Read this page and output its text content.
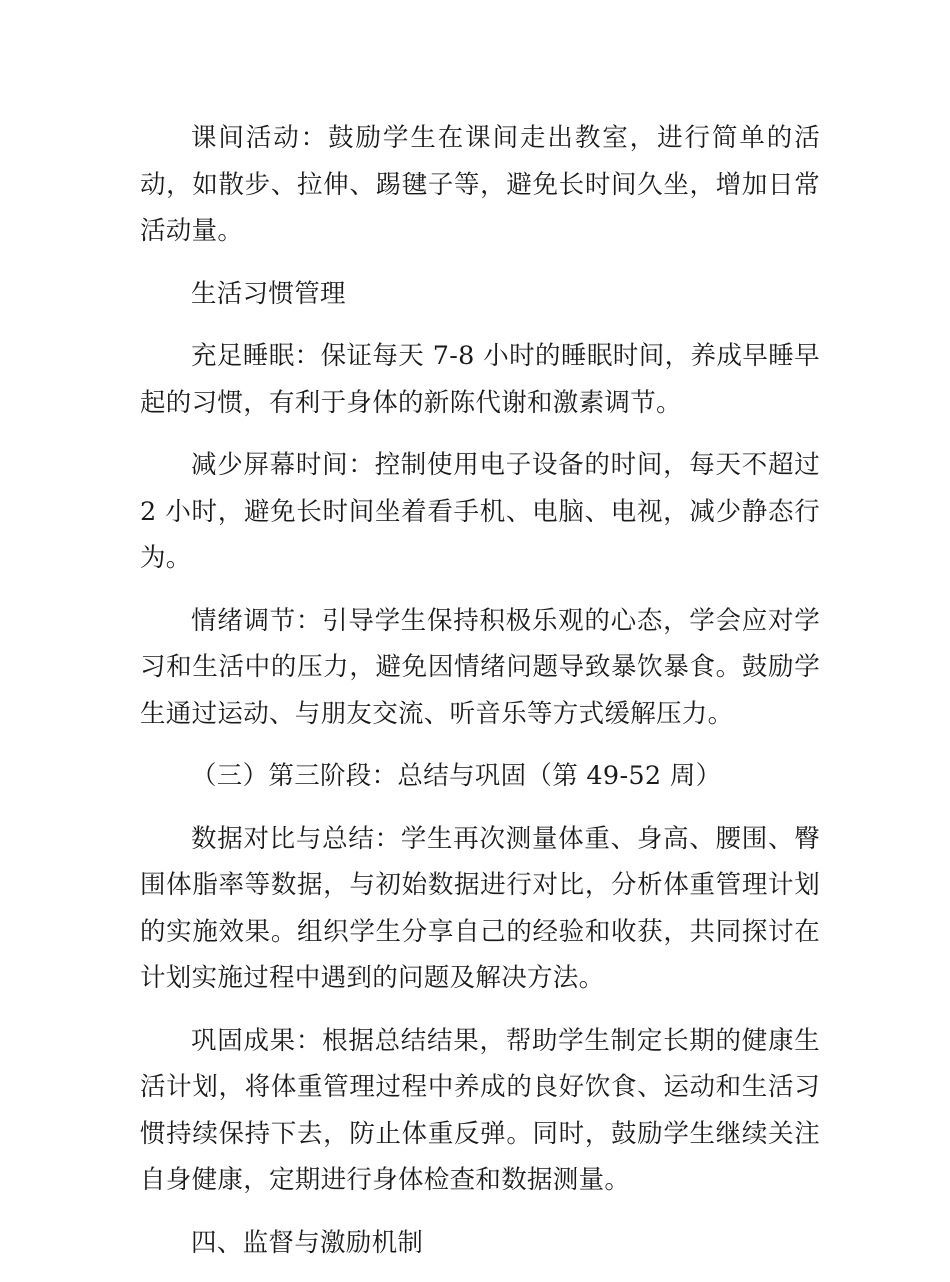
课间活动：鼓励学生在课间走出教室，进行简单的活动，如散步、拉伸、踢毽子等，避免长时间久坐，增加日常活动量。

生活习惯管理

充足睡眠：保证每天 7-8 小时的睡眠时间，养成早睡早起的习惯，有利于身体的新陈代谢和激素调节。

减少屏幕时间：控制使用电子设备的时间，每天不超过 2 小时，避免长时间坐着看手机、电脑、电视，减少静态行为。

情绪调节：引导学生保持积极乐观的心态，学会应对学习和生活中的压力，避免因情绪问题导致暴饮暴食。鼓励学生通过运动、与朋友交流、听音乐等方式缓解压力。

（三）第三阶段：总结与巩固（第 49-52 周）

数据对比与总结：学生再次测量体重、身高、腰围、臀围体脂率等数据，与初始数据进行对比，分析体重管理计划的实施效果。组织学生分享自己的经验和收获，共同探讨在计划实施过程中遇到的问题及解决方法。

巩固成果：根据总结结果，帮助学生制定长期的健康生活计划，将体重管理过程中养成的良好饮食、运动和生活习惯持续保持下去，防止体重反弹。同时，鼓励学生继续关注自身健康，定期进行身体检查和数据测量。

四、监督与激励机制
